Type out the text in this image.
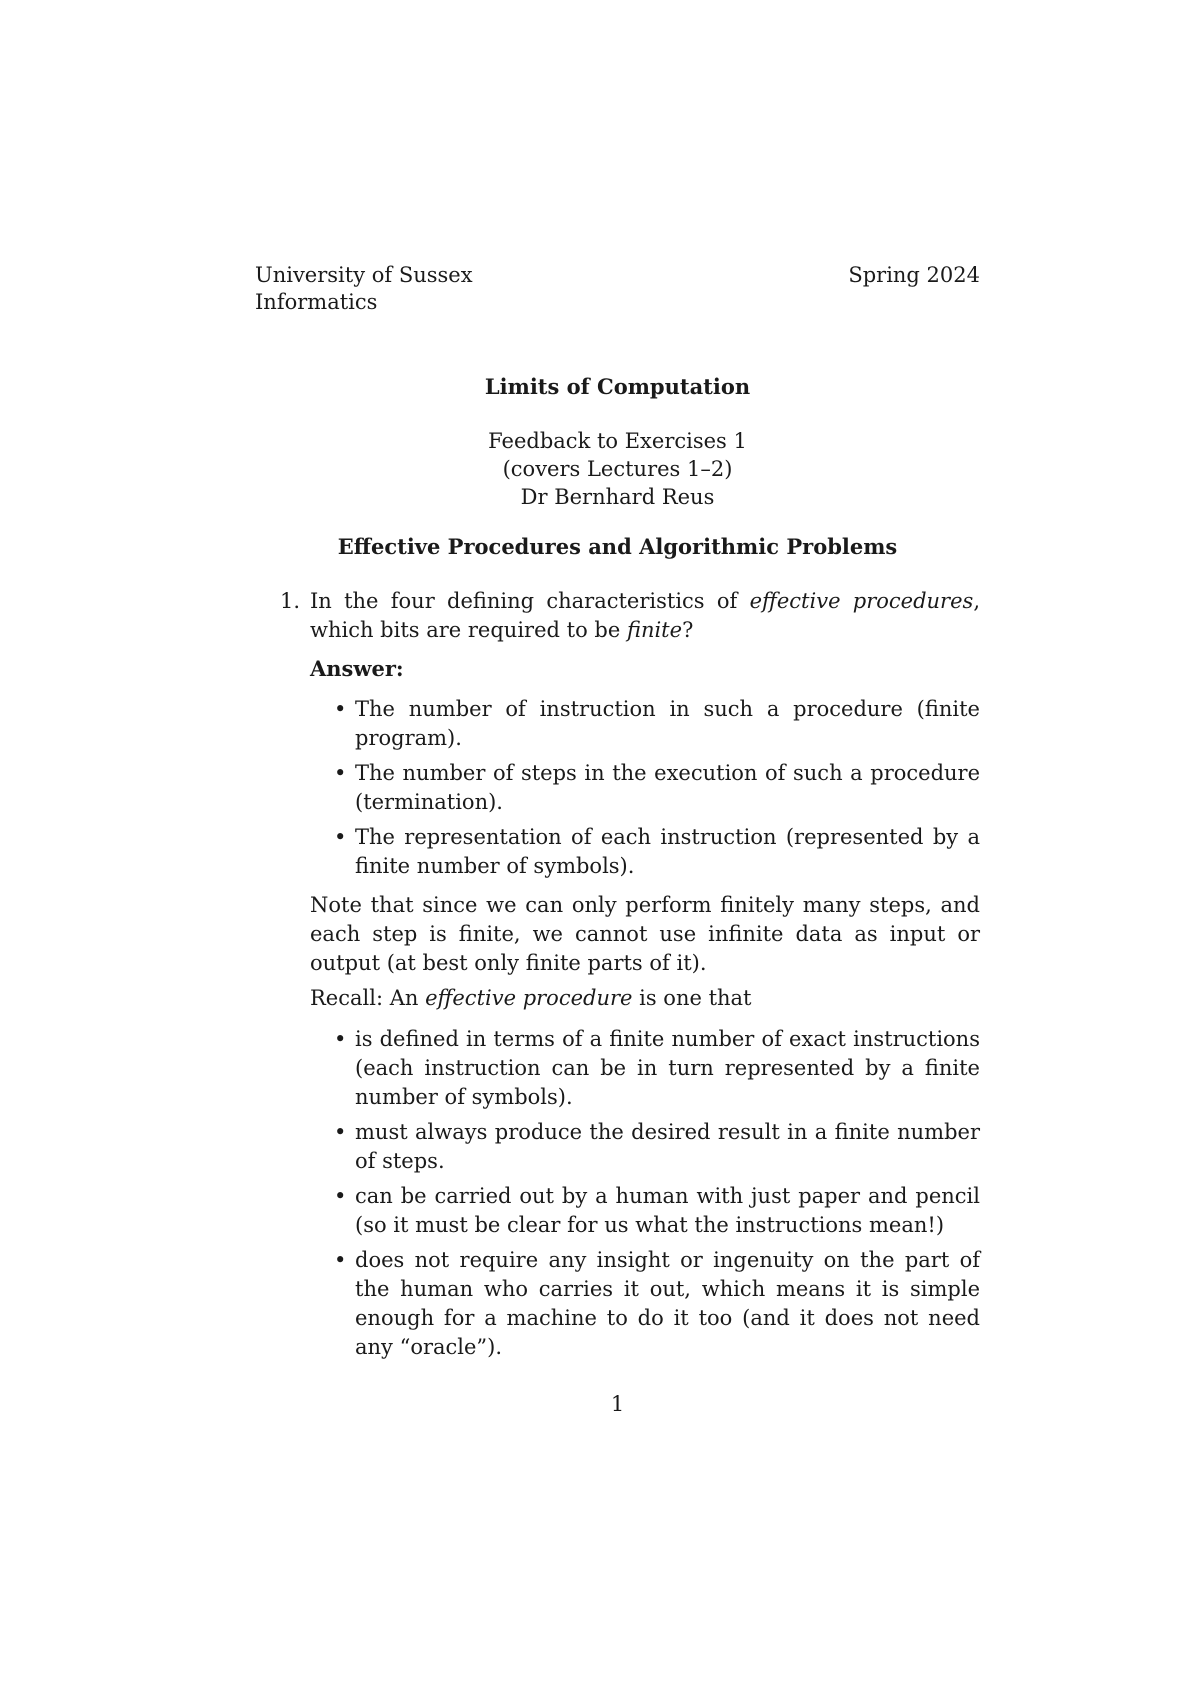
University of Sussex
Informatics
Spring 2024
Limits of Computation
Feedback to Exercises 1
(covers Lectures 1–2)
Dr Bernhard Reus
Effective Procedures and Algorithmic Problems
1. In the four defining characteristics of effective procedures, which bits are required to be finite?

Answer:

• The number of instruction in such a procedure (finite program).
• The number of steps in the execution of such a procedure (termination).
• The representation of each instruction (represented by a finite number of symbols).

Note that since we can only perform finitely many steps, and each step is finite, we cannot use infinite data as input or output (at best only finite parts of it).

Recall: An effective procedure is one that

• is defined in terms of a finite number of exact instructions (each instruction can be in turn represented by a finite number of symbols).
• must always produce the desired result in a finite number of steps.
• can be carried out by a human with just paper and pencil (so it must be clear for us what the instructions mean!)
• does not require any insight or ingenuity on the part of the human who carries it out, which means it is simple enough for a machine to do it too (and it does not need any “oracle”).
1
